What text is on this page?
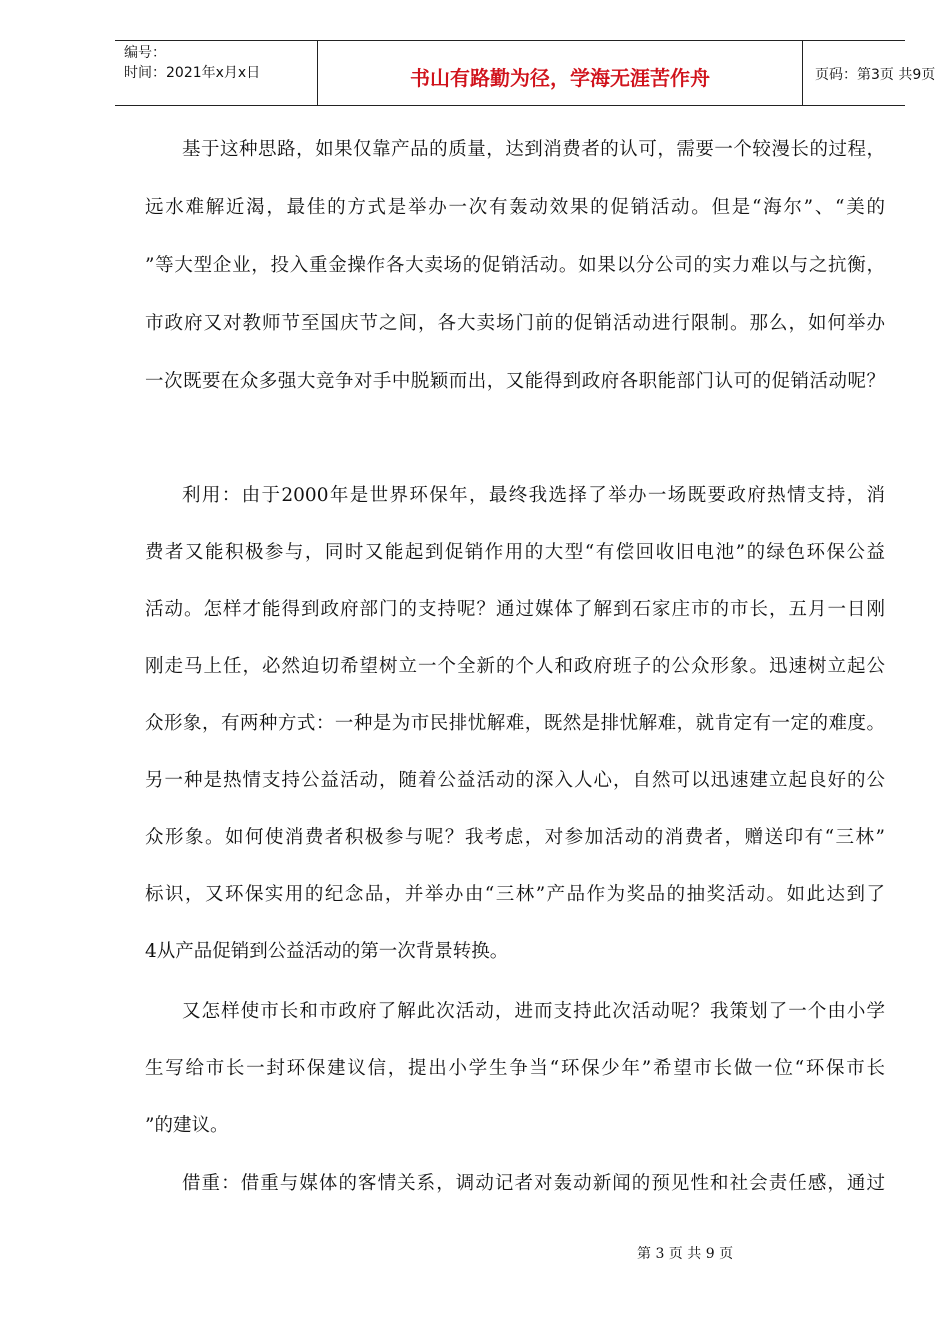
编号：
时间：2021年x月x日	书山有路勤为径，学海无涯苦作舟	页码：第3页 共9页
基于这种思路，如果仅靠产品的质量，达到消费者的认可，需要一个较漫长的过程，
远水难解近渴，最佳的方式是举办一次有轰动效果的促销活动。但是“海尔”、“美的
”等大型企业，投入重金操作各大卖场的促销活动。如果以分公司的实力难以与之抗衡，
市政府又对教师节至国庆节之间，各大卖场门前的促销活动进行限制。那么，如何举办
一次既要在众多强大竞争对手中脱颖而出，又能得到政府各职能部门认可的促销活动呢？
利用：由于2000年是世界环保年，最终我选择了举办一场既要政府热情支持，消
费者又能积极参与，同时又能起到促销作用的大型“有偿回收旧电池”的绿色环保公益
活动。怎样才能得到政府部门的支持呢？通过媒体了解到石家庄市的市长，五月一日刚
刚走马上任，必然迫切希望树立一个全新的个人和政府班子的公众形象。迅速树立起公
众形象，有两种方式：一种是为市民排忧解难，既然是排忧解难，就肯定有一定的难度。
另一种是热情支持公益活动，随着公益活动的深入人心，自然可以迅速建立起良好的公
众形象。如何使消费者积极参与呢？我考虑，对参加活动的消费者，赠送印有“三林”
标识，又环保实用的纪念品，并举办由“三林”产品作为奖品的抽奖活动。如此达到了
4从产品促销到公益活动的第一次背景转换。
又怎样使市长和市政府了解此次活动，进而支持此次活动呢？我策划了一个由小学
生写给市长一封环保建议信，提出小学生争当“环保少年”希望市长做一位“环保市长
”的建议。
借重：借重与媒体的客情关系，调动记者对轰动新闻的预见性和社会责任感，通过
第 3 页 共 9 页
